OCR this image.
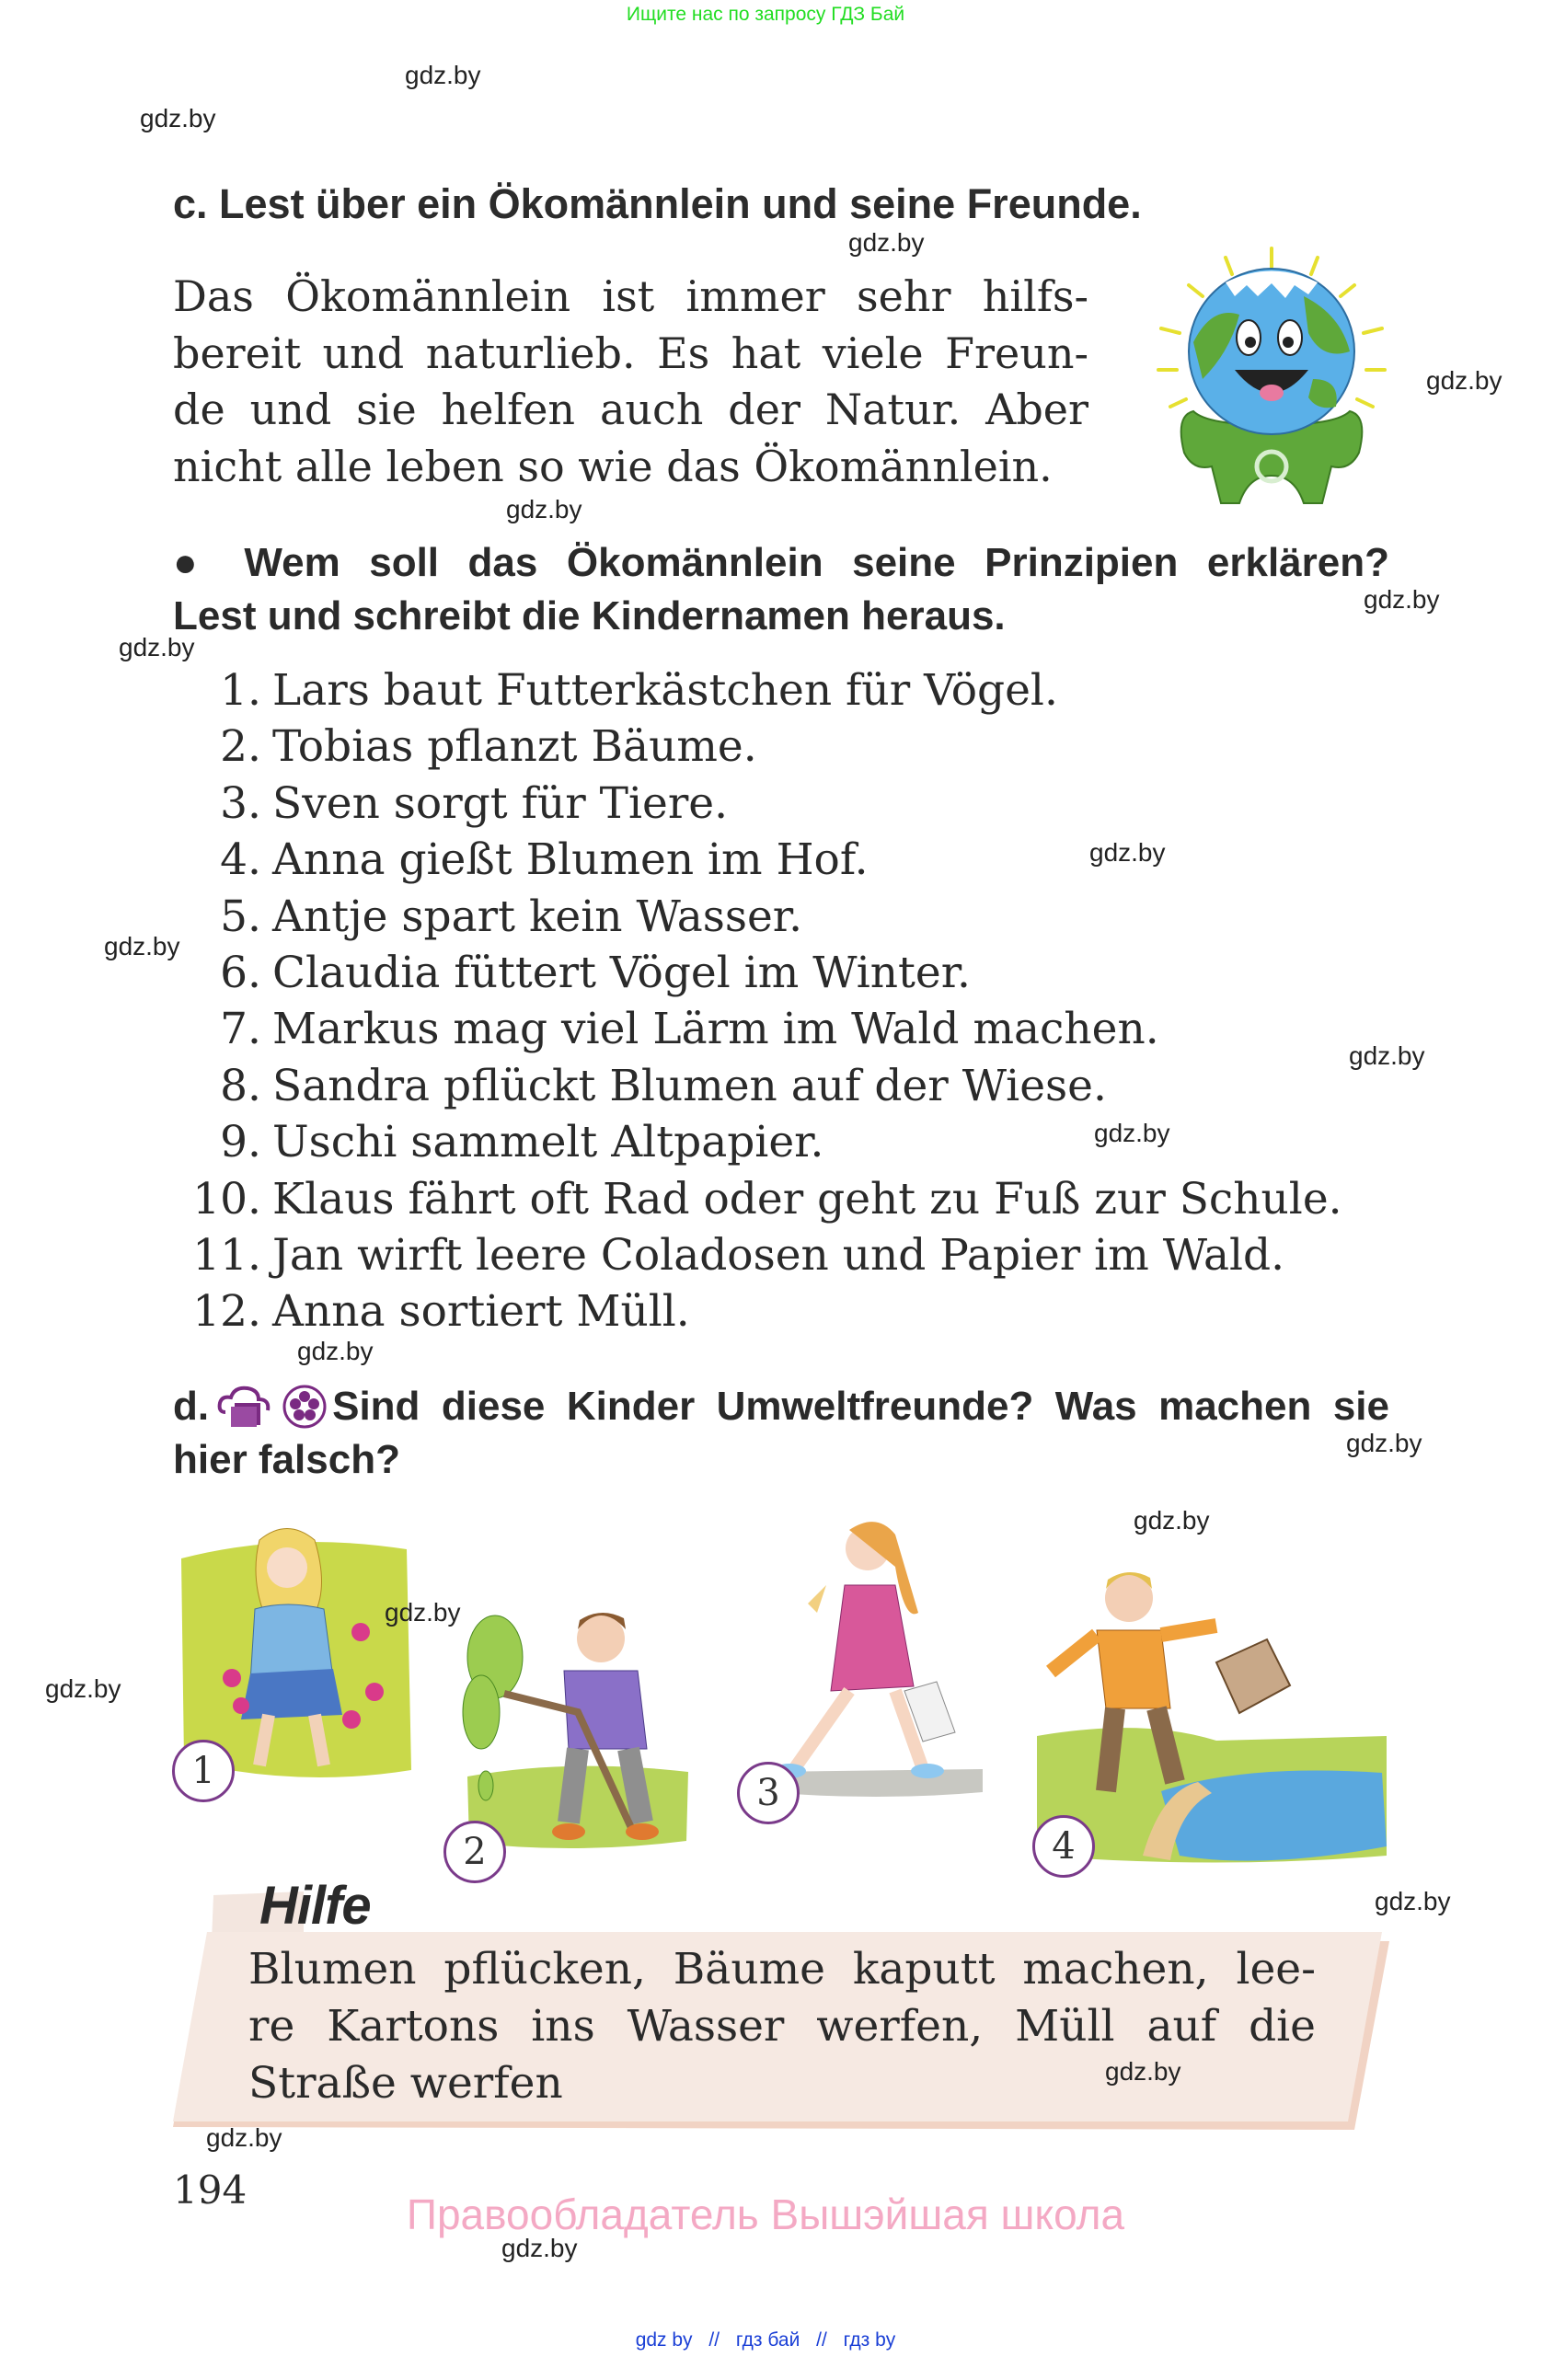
Ищите нас по запросу ГДЗ Бай
c. Lest über ein Ökomännlein und seine Freunde.
Das Ökomännlein ist immer sehr hilfs-
bereit und naturlieb. Es hat viele Freun-
de und sie helfen auch der Natur. Aber
nicht alle leben so wie das Ökomännlein.
● Wem soll das Ökomännlein seine Prinzipien erklären?
Lest und schreibt die Kindernamen heraus.
1. Lars baut Futterkästchen für Vögel.
2. Tobias pflanzt Bäume.
3. Sven sorgt für Tiere.
4. Anna gießt Blumen im Hof.
5. Antje spart kein Wasser.
6. Claudia füttert Vögel im Winter.
7. Markus mag viel Lärm im Wald machen.
8. Sandra pflückt Blumen auf der Wiese.
9. Uschi sammelt Altpapier.
10. Klaus fährt oft Rad oder geht zu Fuß zur Schule.
11. Jan wirft leere Coladosen und Papier im Wald.
12. Anna sortiert Müll.
d.	Sind diese Kinder Umweltfreunde? Was machen sie
hier falsch?
1
2
3
4
Hilfe
Blumen pflücken, Bäume kaputt machen, lee-
re Kartons ins Wasser werfen, Müll auf die
Straße werfen
194
Правообладатель Вышэйшая школа
gdz by // гдз бай // гдз by
gdz.by
gdz.by
gdz.by
gdz.by
gdz.by
gdz.by
gdz.by
gdz.by
gdz.by
gdz.by
gdz.by
gdz.by
gdz.by
gdz.by
gdz.by
gdz.by
gdz.by
gdz.by
gdz.by
gdz.by
